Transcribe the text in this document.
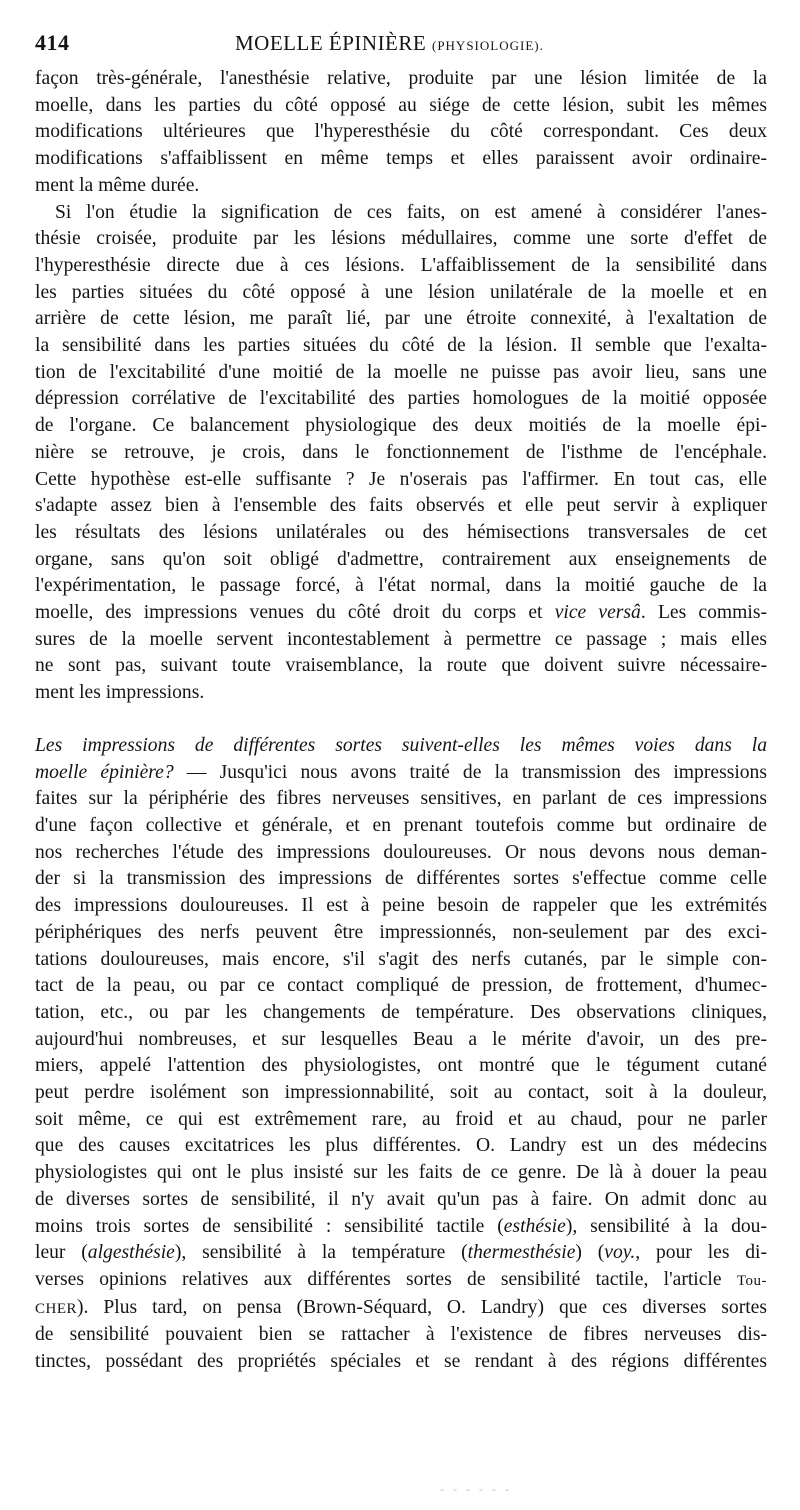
414	MOELLE ÉPINIÈRE (PHYSIOLOGIE).
façon très-générale, l'anesthésie relative, produite par une lésion limitée de la
moelle, dans les parties du côté opposé au siége de cette lésion, subit les mêmes
modifications ultérieures que l'hyperesthésie du côté correspondant. Ces deux
modifications s'affaiblissent en même temps et elles paraissent avoir ordinaire-
ment la même durée.
Si l'on étudie la signification de ces faits, on est amené à considérer l'anes-
thésie croisée, produite par les lésions médullaires, comme une sorte d'effet de
l'hyperesthésie directe due à ces lésions. L'affaiblissement de la sensibilité dans
les parties situées du côté opposé à une lésion unilatérale de la moelle et en
arrière de cette lésion, me paraît lié, par une étroite connexité, à l'exaltation de
la sensibilité dans les parties situées du côté de la lésion. Il semble que l'exalta-
tion de l'excitabilité d'une moitié de la moelle ne puisse pas avoir lieu, sans une
dépression corrélative de l'excitabilité des parties homologues de la moitié opposée
de l'organe. Ce balancement physiologique des deux moitiés de la moelle épi-
nière se retrouve, je crois, dans le fonctionnement de l'isthme de l'encéphale.
Cette hypothèse est-elle suffisante ? Je n'oserais pas l'affirmer. En tout cas, elle
s'adapte assez bien à l'ensemble des faits observés et elle peut servir à expliquer
les résultats des lésions unilatérales ou des hémisections transversales de cet
organe, sans qu'on soit obligé d'admettre, contrairement aux enseignements de
l'expérimentation, le passage forcé, à l'état normal, dans la moitié gauche de la
moelle, des impressions venues du côté droit du corps et vice versâ. Les commis-
sures de la moelle servent incontestablement à permettre ce passage ; mais elles
ne sont pas, suivant toute vraisemblance, la route que doivent suivre nécessaire-
ment les impressions.
Les impressions de différentes sortes suivent-elles les mêmes voies dans la
moelle épinière? — Jusqu'ici nous avons traité de la transmission des impressions
faites sur la périphérie des fibres nerveuses sensitives, en parlant de ces impressions
d'une façon collective et générale, et en prenant toutefois comme but ordinaire de
nos recherches l'étude des impressions douloureuses. Or nous devons nous deman-
der si la transmission des impressions de différentes sortes s'effectue comme celle
des impressions douloureuses. Il est à peine besoin de rappeler que les extrémités
périphériques des nerfs peuvent être impressionnés, non-seulement par des exci-
tations douloureuses, mais encore, s'il s'agit des nerfs cutanés, par le simple con-
tact de la peau, ou par ce contact compliqué de pression, de frottement, d'humec-
tation, etc., ou par les changements de température. Des observations cliniques,
aujourd'hui nombreuses, et sur lesquelles Beau a le mérite d'avoir, un des pre-
miers, appelé l'attention des physiologistes, ont montré que le tégument cutané
peut perdre isolément son impressionnabilité, soit au contact, soit à la douleur,
soit même, ce qui est extrêmement rare, au froid et au chaud, pour ne parler
que des causes excitatrices les plus différentes. O. Landry est un des médecins
physiologistes qui ont le plus insisté sur les faits de ce genre. De là à douer la peau
de diverses sortes de sensibilité, il n'y avait qu'un pas à faire. On admit donc au
moins trois sortes de sensibilité : sensibilité tactile (esthésie), sensibilité à la dou-
leur (algesthésie), sensibilité à la température (thermesthésie) (voy., pour les di-
verses opinions relatives aux différentes sortes de sensibilité tactile, l'article Tou-
CHER). Plus tard, on pensa (Brown-Séquard, O. Landry) que ces diverses sortes
de sensibilité pouvaient bien se rattacher à l'existence de fibres nerveuses dis-
tinctes, possédant des propriétés spéciales et se rendant à des régions différentes
- - - - - -
